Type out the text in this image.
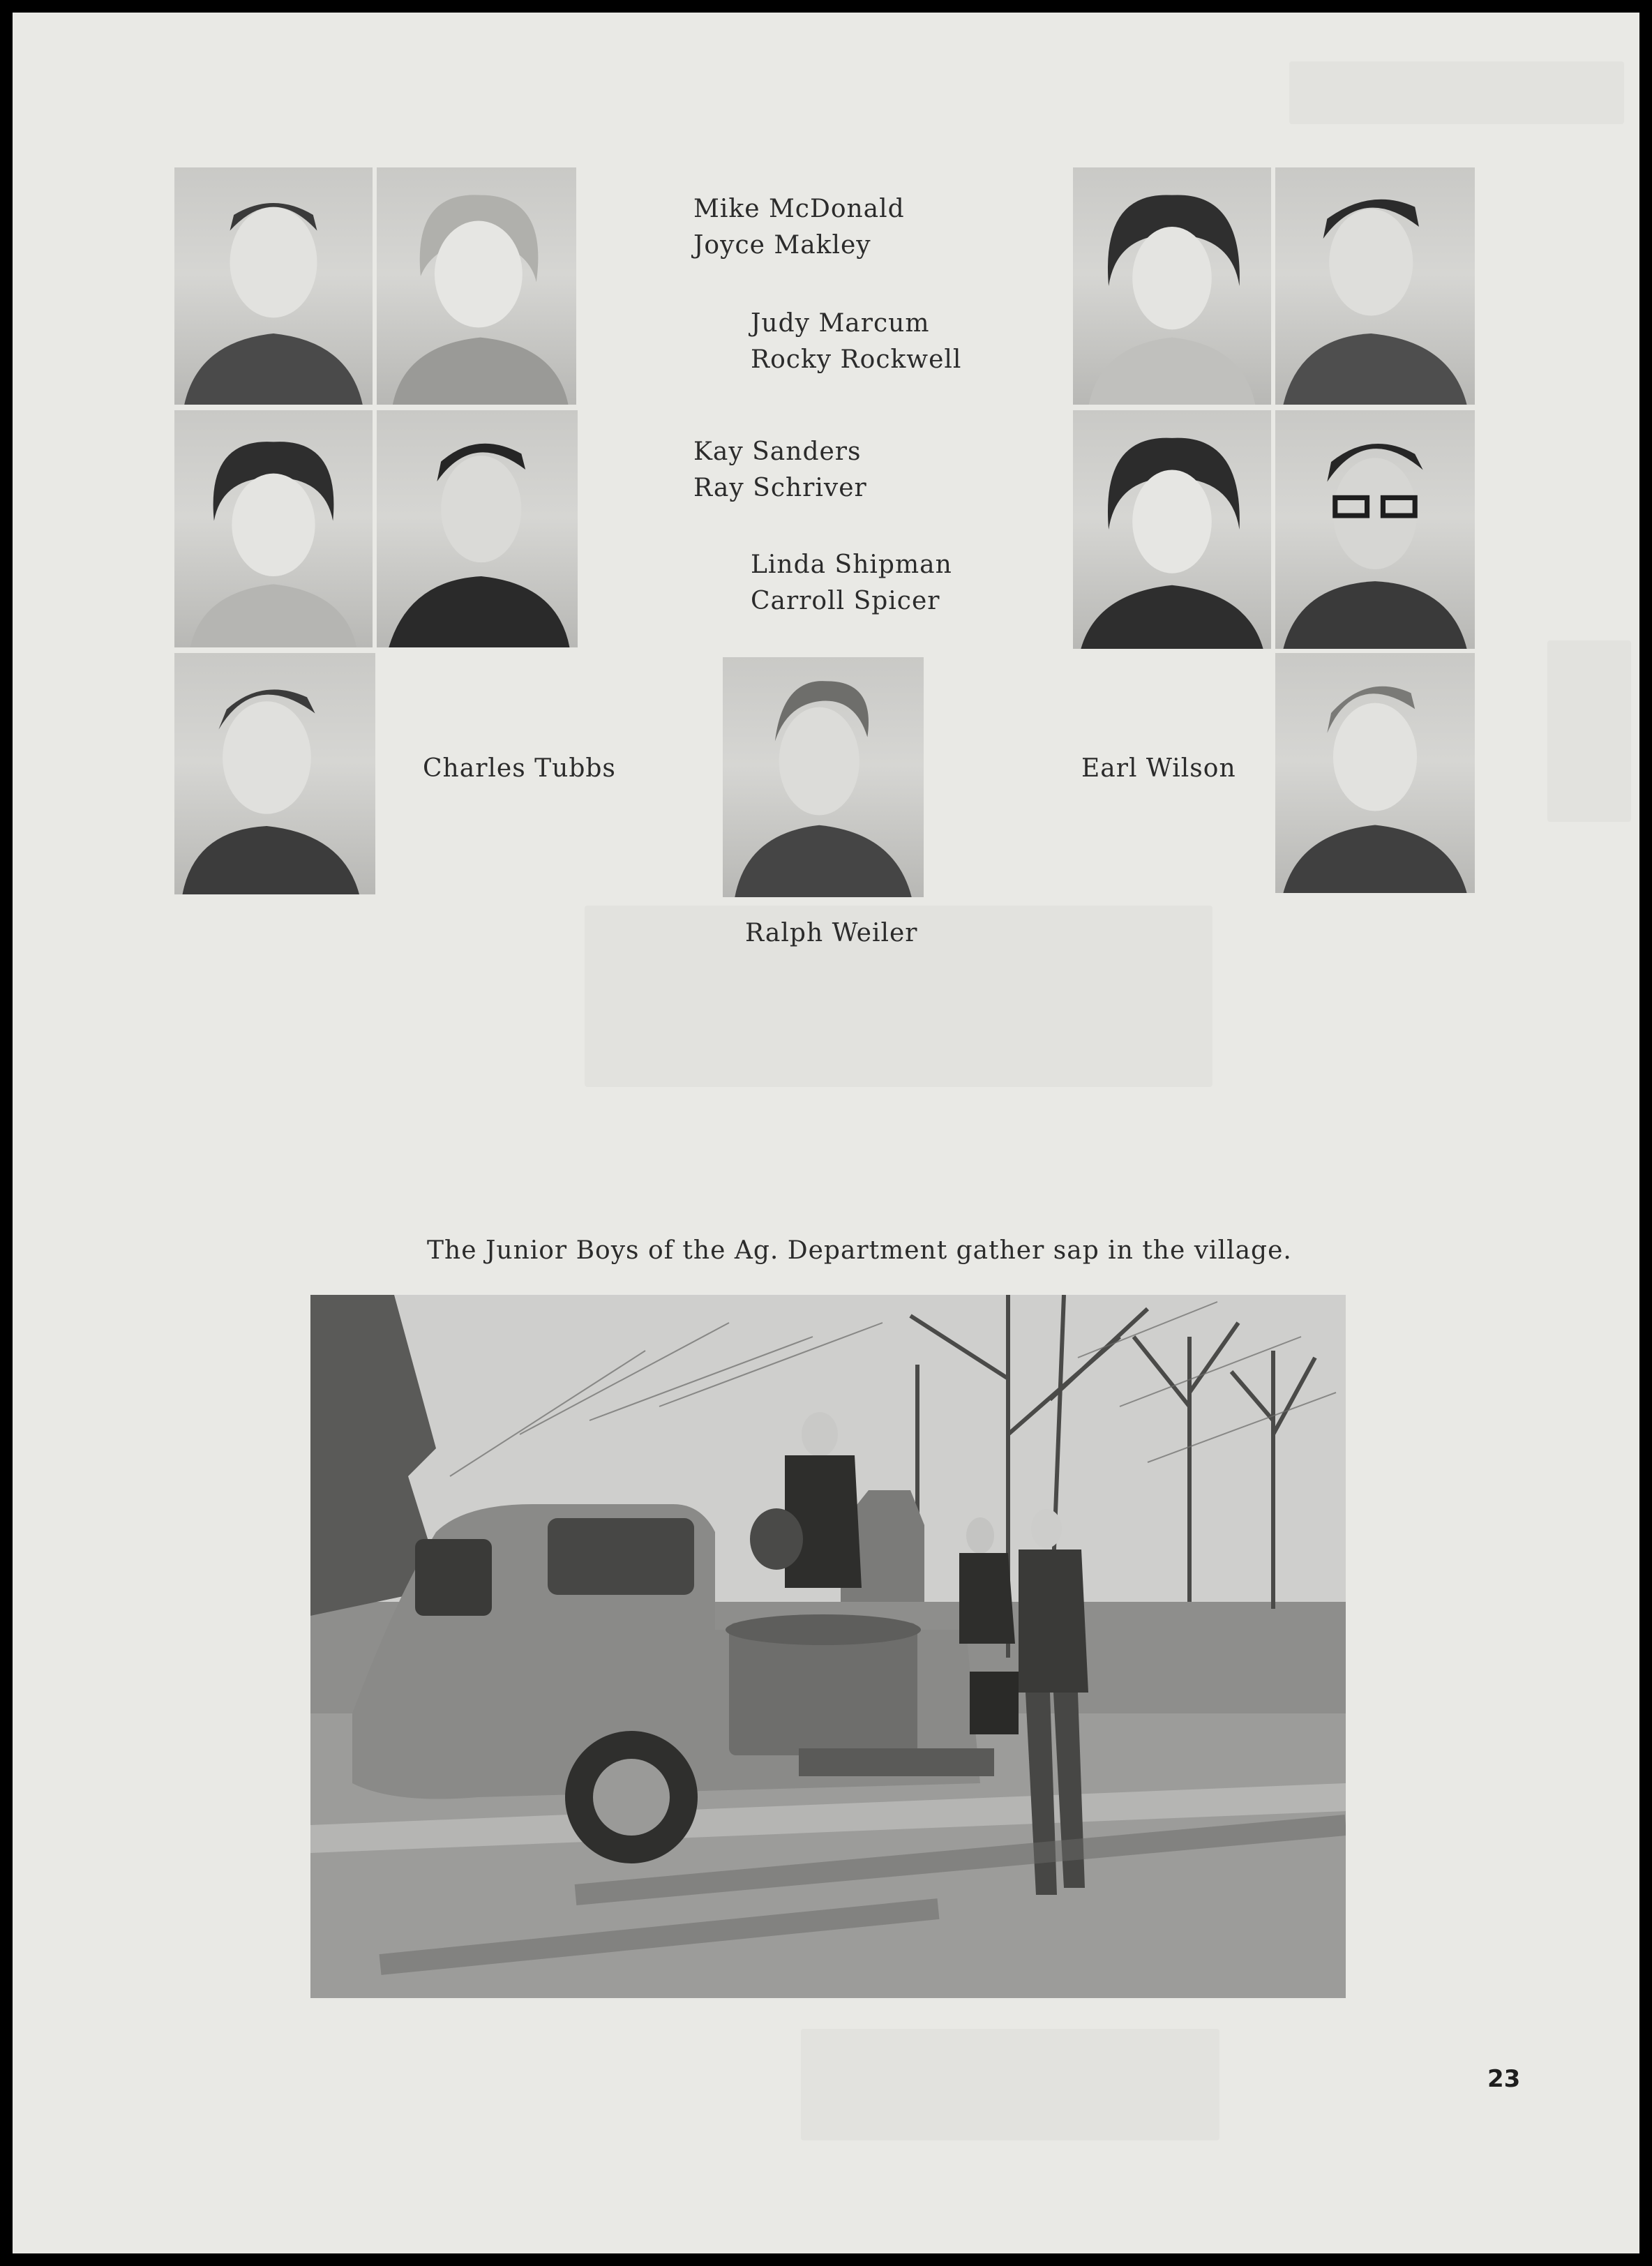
Mike McDonald
Joyce Makley
Judy Marcum
Rocky Rockwell
Kay Sanders
Ray Schriver
Linda Shipman
Carroll Spicer
Charles Tubbs
Ralph Weiler
Earl Wilson
The Junior Boys of the Ag. Department gather sap in the village.
23
